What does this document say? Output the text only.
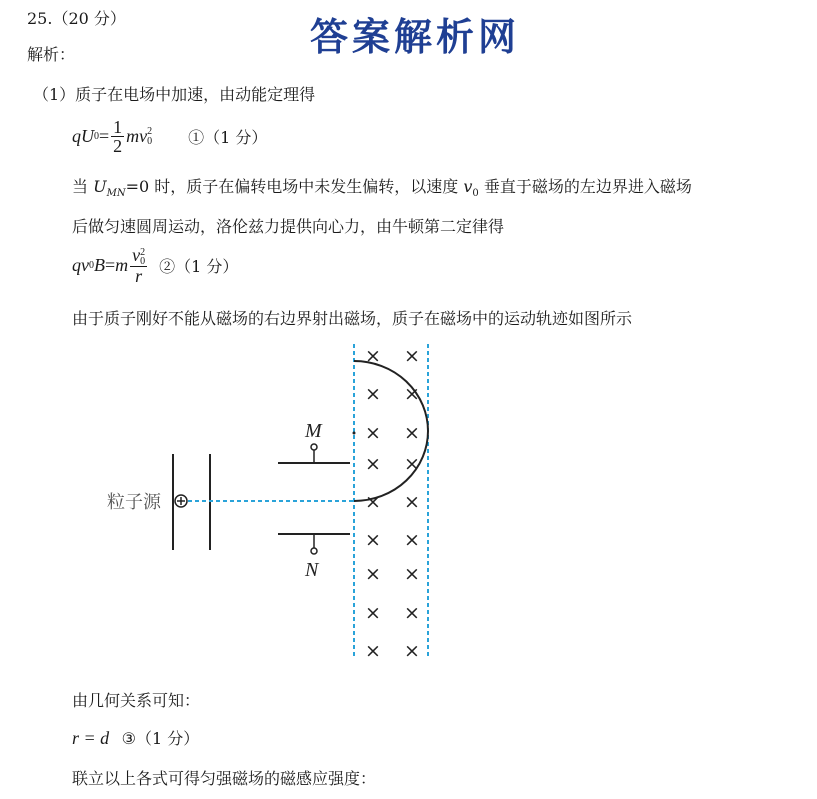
25.（20 分）	答案解析网
解析：
（1）质子在电场中加速，由动能定理得
qU $0 = \frac{1}{2}$ mv 2
0 ①（1 分）
当 $U_{MN}=0$ 时，质子在偏转电场中未发生偏转，以速度 $v_0$ 垂直于磁场的左边界进入磁场
后做匀速圆周运动，洛伦兹力提供向心力，由牛顿第二定律得
qv 0 B = m v 2
0
r ②（1 分）
由于质子刚好不能从磁场的右边界射出磁场，质子在磁场中的运动轨迹如图所示
粒子源
M
N
× ×
× ×
× ×
× ×
× ×
× ×
× ×
× ×
× ×
由几何关系可知：
r = d ③（1 分）
联立以上各式可得匀强磁场的磁感应强度：
